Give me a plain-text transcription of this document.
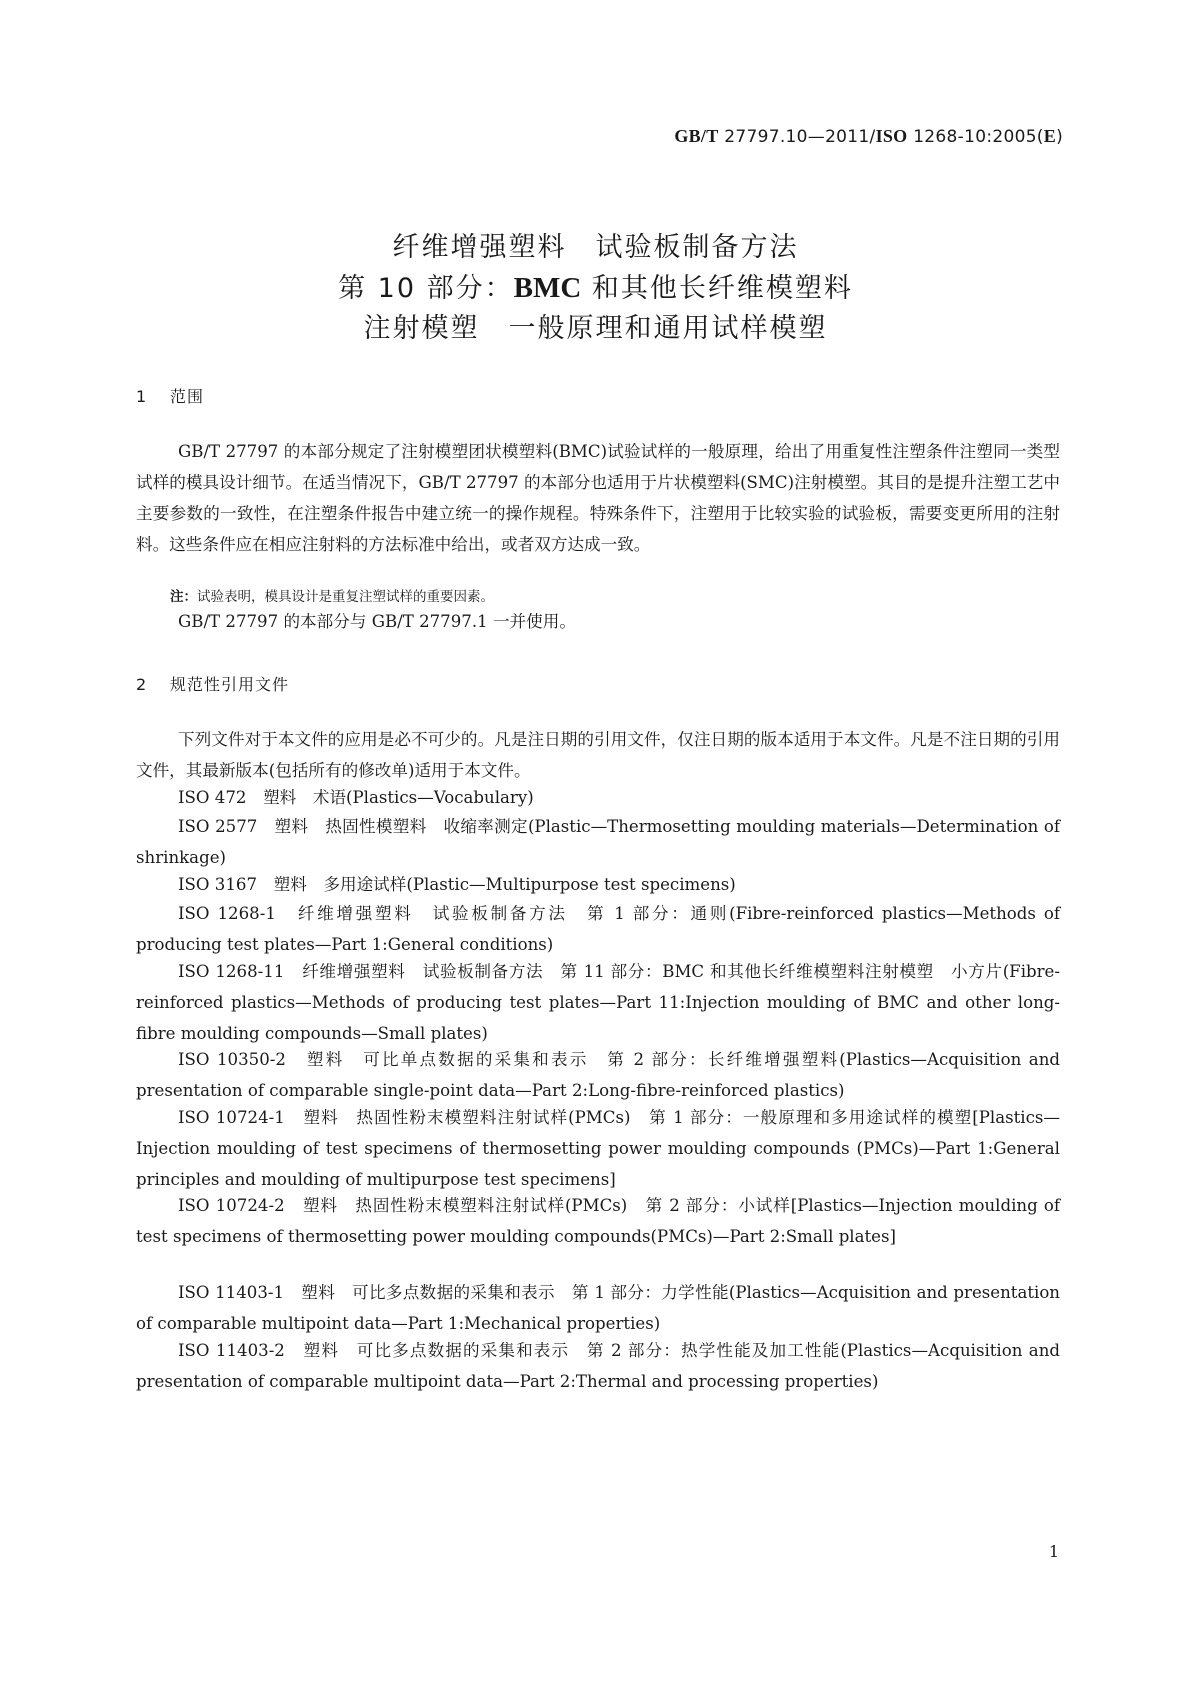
GB/T 27797.10—2011/ISO 1268-10:2005(E)
纤维增强塑料　试验板制备方法
第 10 部分：BMC 和其他长纤维模塑料
注射模塑　一般原理和通用试样模塑
1 范围
GB/T 27797 的本部分规定了注射模塑团状模塑料(BMC)试验试样的一般原理，给出了用重复性注塑条件注塑同一类型试样的模具设计细节。在适当情况下，GB/T 27797 的本部分也适用于片状模塑料(SMC)注射模塑。其目的是提升注塑工艺中主要参数的一致性，在注塑条件报告中建立统一的操作规程。特殊条件下，注塑用于比较实验的试验板，需要变更所用的注射料。这些条件应在相应注射料的方法标准中给出，或者双方达成一致。
注：试验表明，模具设计是重复注塑试样的重要因素。
GB/T 27797 的本部分与 GB/T 27797.1 一并使用。
2 规范性引用文件
下列文件对于本文件的应用是必不可少的。凡是注日期的引用文件，仅注日期的版本适用于本文件。凡是不注日期的引用文件，其最新版本(包括所有的修改单)适用于本文件。
ISO 472　塑料　术语(Plastics—Vocabulary)
ISO 2577　塑料　热固性模塑料　收缩率测定(Plastic—Thermosetting moulding materials—Determination of shrinkage)
ISO 3167　塑料　多用途试样(Plastic—Multipurpose test specimens)
ISO 1268-1　纤维增强塑料　试验板制备方法　第 1 部分：通则(Fibre-reinforced plastics—Methods of producing test plates—Part 1:General conditions)
ISO 1268-11　纤维增强塑料　试验板制备方法　第 11 部分：BMC 和其他长纤维模塑料注射模塑　小方片(Fibre-reinforced plastics—Methods of producing test plates—Part 11:Injection moulding of BMC and other long-fibre moulding compounds—Small plates)
ISO 10350-2　塑料　可比单点数据的采集和表示　第 2 部分：长纤维增强塑料(Plastics—Acquisition and presentation of comparable single-point data—Part 2:Long-fibre-reinforced plastics)
ISO 10724-1　塑料　热固性粉末模塑料注射试样(PMCs)　第 1 部分：一般原理和多用途试样的模塑[Plastics—Injection moulding of test specimens of thermosetting power moulding compounds (PMCs)—Part 1:General principles and moulding of multipurpose test specimens]
ISO 10724-2　塑料　热固性粉末模塑料注射试样(PMCs)　第 2 部分：小试样[Plastics—Injection moulding of test specimens of thermosetting power moulding compounds(PMCs)—Part 2:Small plates]
ISO 11403-1　塑料　可比多点数据的采集和表示　第 1 部分：力学性能(Plastics—Acquisition and presentation of comparable multipoint data—Part 1:Mechanical properties)
ISO 11403-2　塑料　可比多点数据的采集和表示　第 2 部分：热学性能及加工性能(Plastics—Acquisition and presentation of comparable multipoint data—Part 2:Thermal and processing properties)
1
